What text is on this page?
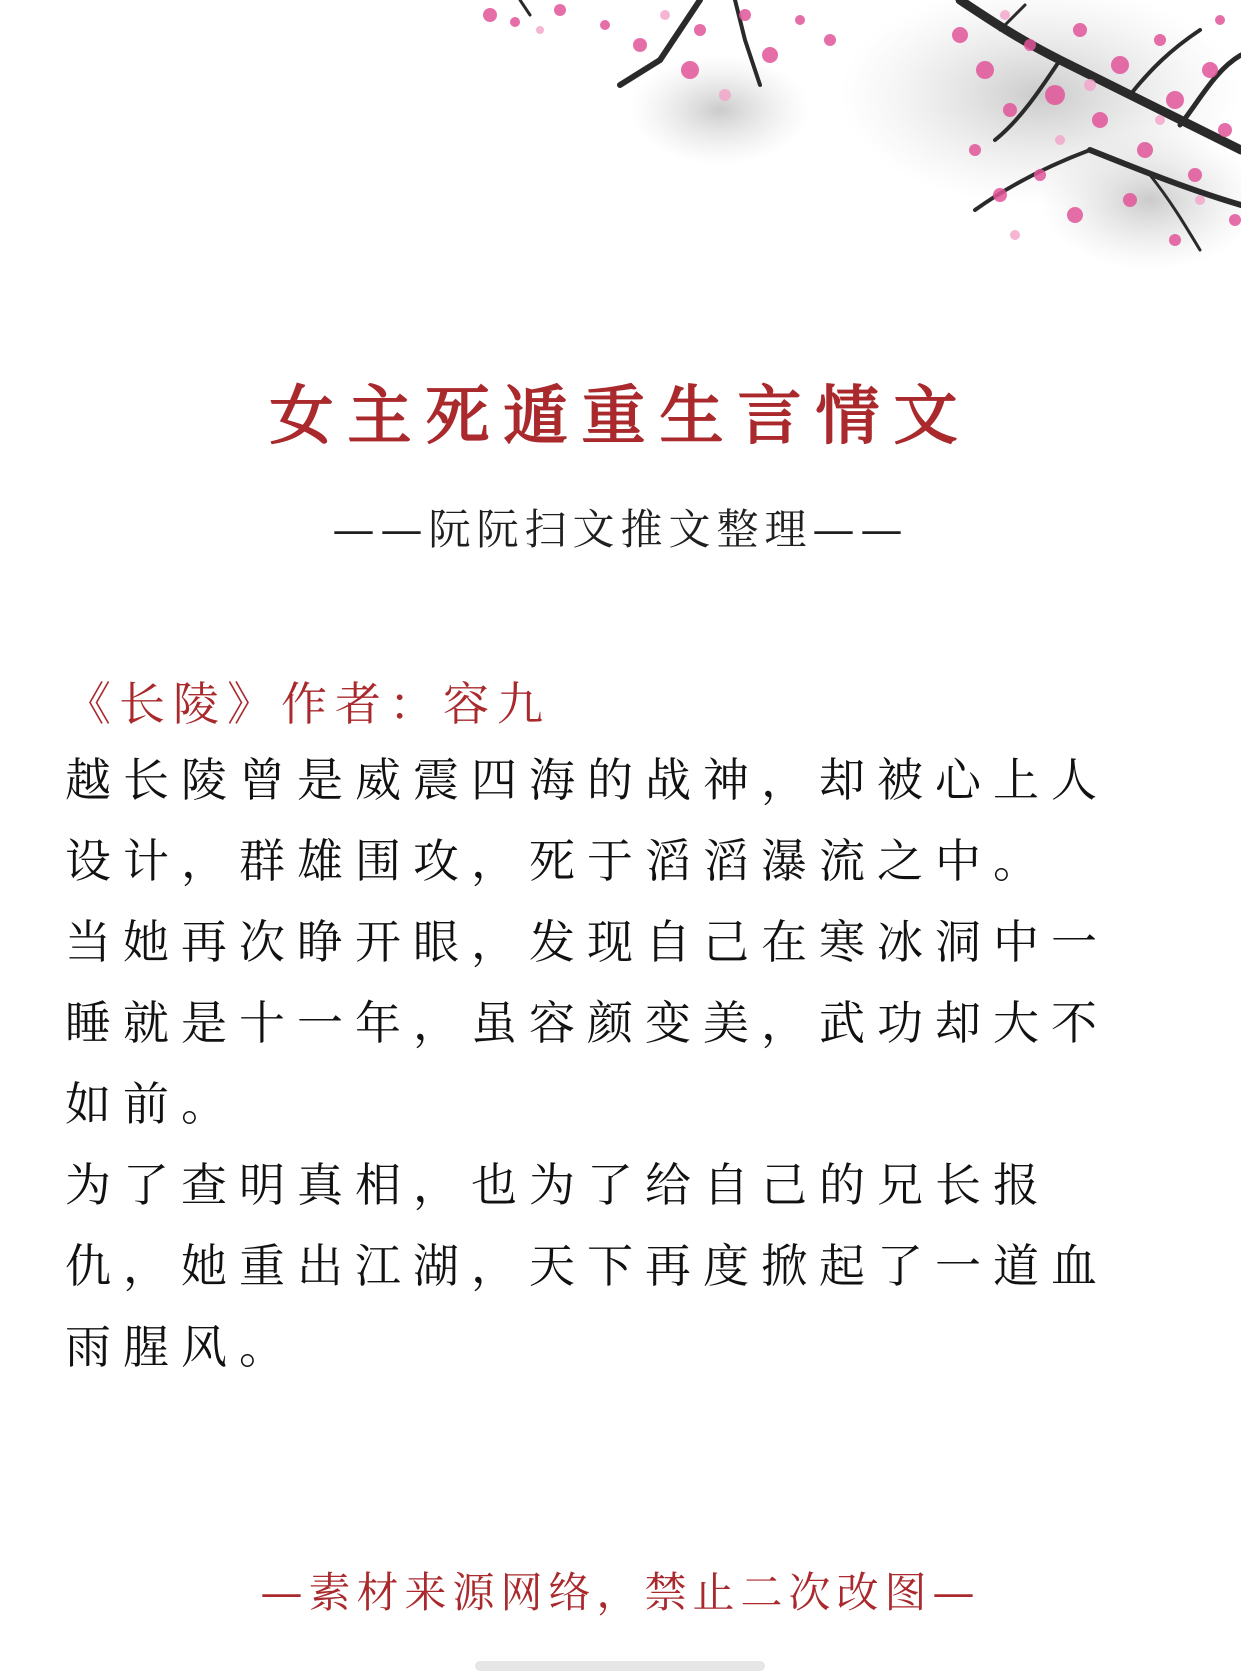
女主死遁重生言情文
——阮阮扫文推文整理——
《长陵》作者：容九

越长陵曾是威震四海的战神，却被心上人设计，群雄围攻，死于滔滔瀑流之中。

当她再次睁开眼，发现自己在寒冰洞中一睡就是十一年，虽容颜变美，武功却大不如前。

为了查明真相，也为了给自己的兄长报仇，她重出江湖，天下再度掀起了一道血雨腥风。

—素材来源网络，禁止二次改图—
